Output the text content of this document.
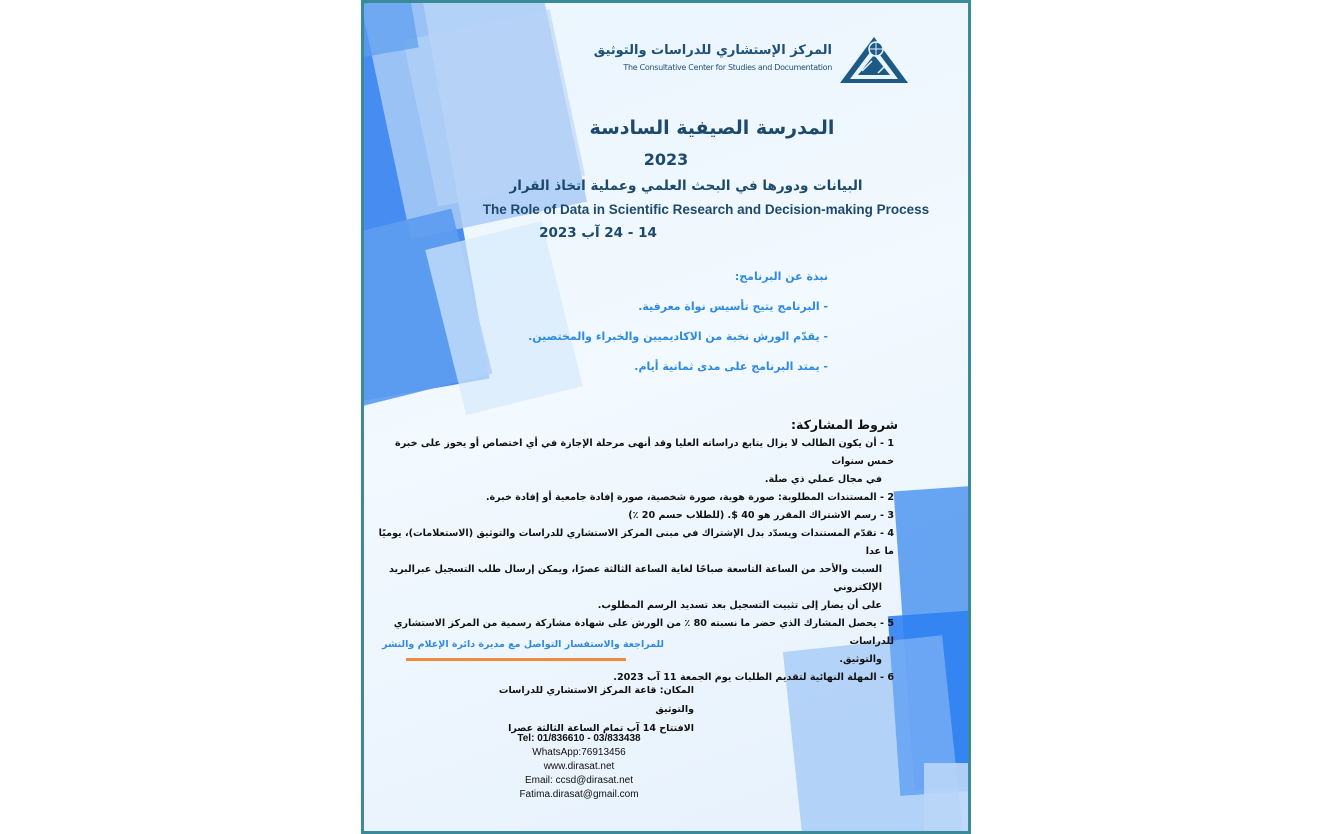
المركز الإستشاري للدراسات والتوثيق
The Consultative Center for Studies and Documentation
المدرسة الصيفية السادسة
2023
البيانات ودورها في البحث العلمي وعملية اتخاذ القرار
The Role of Data in Scientific Research and Decision-making Process
14 - 24 آب 2023
نبذة عن البرنامج:
- البرنامج يتيح تأسيس نواة معرفية.
- يقدّم الورش نخبة من الاكاديميين والخبراء والمختصين.
- يمتد البرنامج على مدى ثمانية أيام.
شروط المشاركة:
1 - أن يكون الطالب لا يزال يتابع دراساته العليا وقد أنهى مرحلة الإجازة في أي اختصاص أو يحوز على خبرة خمس سنوات
في مجال عملي ذي صلة.
2 - المستندات المطلوبة: صورة هوية، صورة شخصية، صورة إفادة جامعية أو إفادة خبرة.
3 - رسم الاشتراك المقرر هو 40 $. (للطلاب حسم 20 ٪)
4 - تقدّم المستندات ويسدّد بدل الإشتراك في مبنى المركز الاستشاري للدراسات والتوثيق (الاستعلامات)، يوميًا ما عدا
السبت والأحد من الساعة التاسعة صباحًا لغاية الساعة الثالثة عصرًا، ويمكن إرسال طلب التسجيل عبرالبريد الإلكتروني
على أن يصار إلى تثبيت التسجيل بعد تسديد الرسم المطلوب.
5 - يحصل المشارك الذي حضر ما نسبته 80 ٪ من الورش على شهادة مشاركة رسمية من المركز الاستشاري للدراسات
والتوثيق.
6 - المهلة النهائية لتقديم الطلبات يوم الجمعة 11 آب 2023.
للمراجعة والاستفسار التواصل مع مديرة دائرة الإعلام والنشر
المكان: قاعة المركز الاستشاري للدراسات والتوثيق
الافتتاح 14 آب تمام الساعة الثالثة عصرا
Tel: 01/836610 - 03/833438
WhatsApp:76913456
www.dirasat.net
Email: ccsd@dirasat.net
Fatima.dirasat@gmail.com
